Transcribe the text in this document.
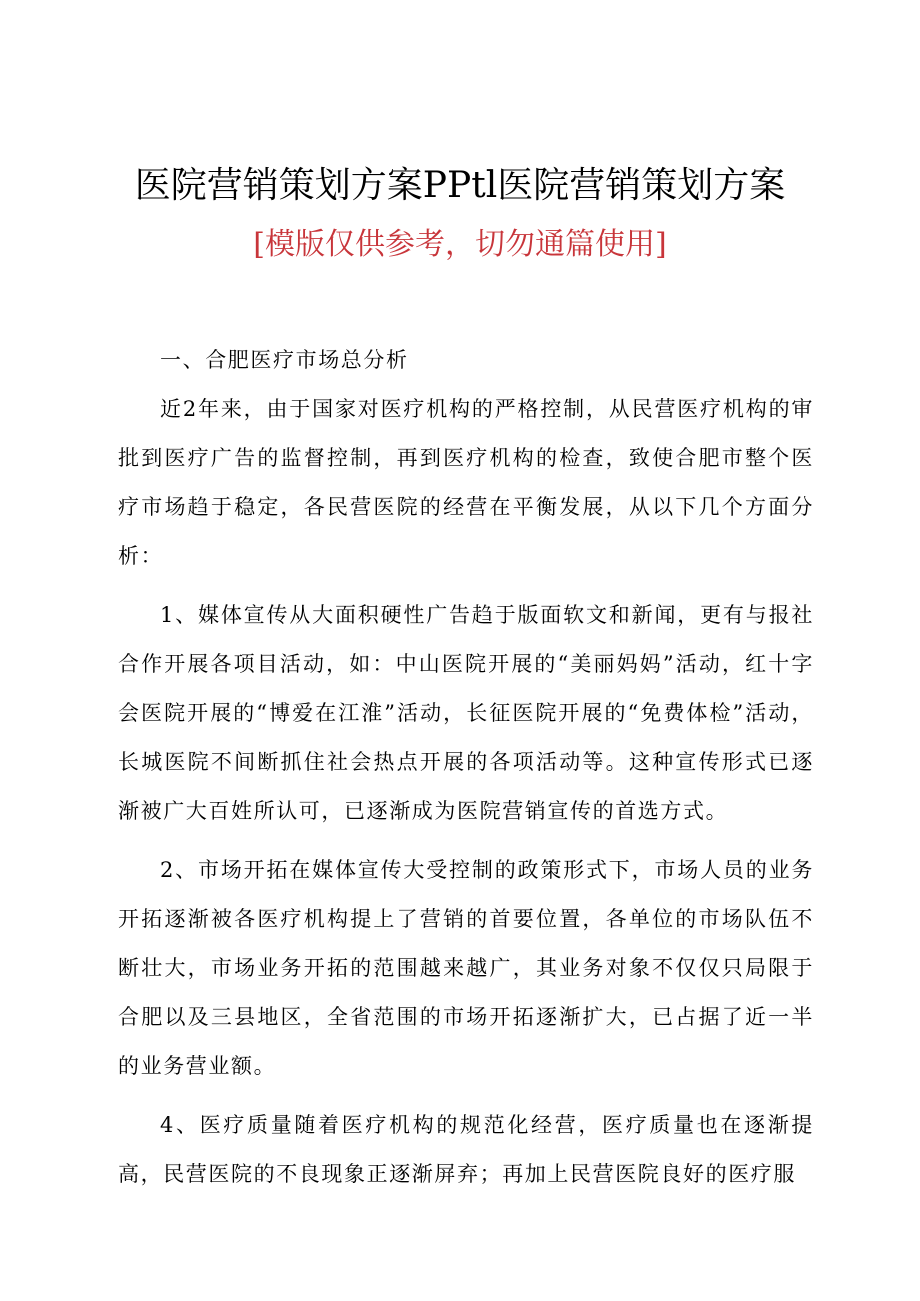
医院营销策划方案PPtl医院营销策划方案
[模版仅供参考，切勿通篇使用]

一、合肥医疗市场总分析

近2年来，由于国家对医疗机构的严格控制，从民营医疗机构的审批到医疗广告的监督控制，再到医疗机构的检查，致使合肥市整个医疗市场趋于稳定，各民营医院的经营在平衡发展，从以下几个方面分析：

1、媒体宣传从大面积硬性广告趋于版面软文和新闻，更有与报社合作开展各项目活动，如：中山医院开展的“美丽妈妈”活动，红十字会医院开展的“博爱在江淮”活动，长征医院开展的“免费体检”活动，长城医院不间断抓住社会热点开展的各项活动等。这种宣传形式已逐渐被广大百姓所认可，已逐渐成为医院营销宣传的首选方式。

2、市场开拓在媒体宣传大受控制的政策形式下，市场人员的业务开拓逐渐被各医疗机构提上了营销的首要位置，各单位的市场队伍不断壮大，市场业务开拓的范围越来越广，其业务对象不仅仅只局限于合肥以及三县地区，全省范围的市场开拓逐渐扩大，已占据了近一半的业务营业额。

4、医疗质量随着医疗机构的规范化经营，医疗质量也在逐渐提高，民营医院的不良现象正逐渐屏弃；再加上民营医院良好的医疗服
